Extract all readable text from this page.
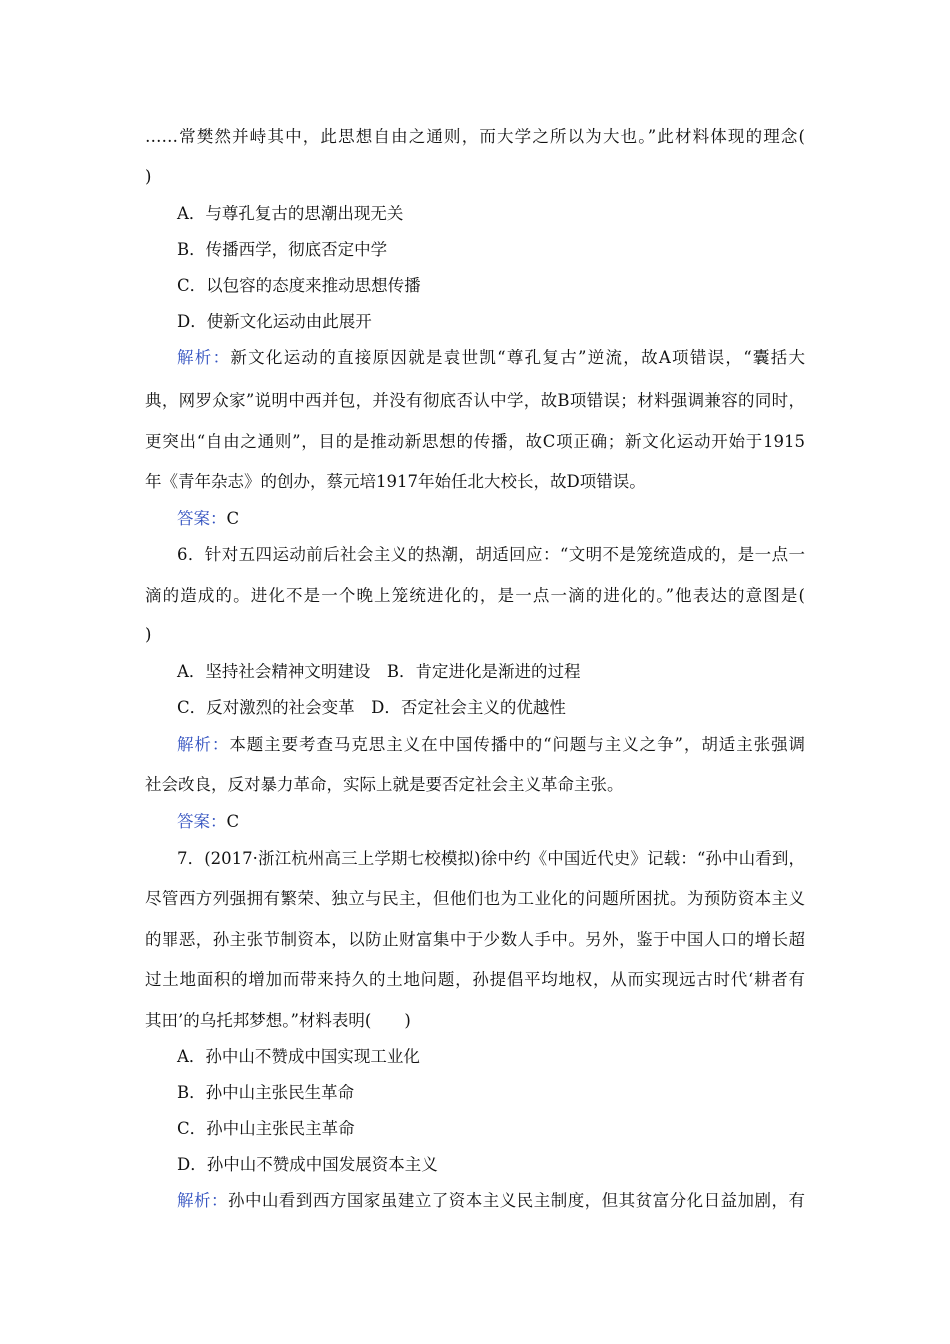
……常樊然并峙其中，此思想自由之通则，而大学之所以为大也。”此材料体现的理念(
)
A．与尊孔复古的思潮出现无关
B．传播西学，彻底否定中学
C．以包容的态度来推动思想传播
D．使新文化运动由此展开
解析：新文化运动的直接原因就是袁世凯“尊孔复古”逆流，故A项错误，“囊括大
典，网罗众家”说明中西并包，并没有彻底否认中学，故B项错误；材料强调兼容的同时，
更突出“自由之通则”，目的是推动新思想的传播，故C项正确；新文化运动开始于1915
年《青年杂志》的创办，蔡元培1917年始任北大校长，故D项错误。
答案：C
6．针对五四运动前后社会主义的热潮，胡适回应：“文明不是笼统造成的，是一点一
滴的造成的。进化不是一个晚上笼统进化的，是一点一滴的进化的。”他表达的意图是(
)
A．坚持社会精神文明建设　B．肯定进化是渐进的过程
C．反对激烈的社会变革　D．否定社会主义的优越性
解析：本题主要考查马克思主义在中国传播中的“问题与主义之争”，胡适主张强调
社会改良，反对暴力革命，实际上就是要否定社会主义革命主张。
答案：C
7．(2017·浙江杭州高三上学期七校模拟)徐中约《中国近代史》记载：“孙中山看到，
尽管西方列强拥有繁荣、独立与民主，但他们也为工业化的问题所困扰。为预防资本主义
的罪恶，孙主张节制资本，以防止财富集中于少数人手中。另外，鉴于中国人口的增长超
过土地面积的增加而带来持久的土地问题，孙提倡平均地权，从而实现远古时代‘耕者有
其田’的乌托邦梦想。”材料表明(　　)
A．孙中山不赞成中国实现工业化
B．孙中山主张民生革命
C．孙中山主张民主革命
D．孙中山不赞成中国发展资本主义
解析：孙中山看到西方国家虽建立了资本主义民主制度，但其贫富分化日益加剧，有
